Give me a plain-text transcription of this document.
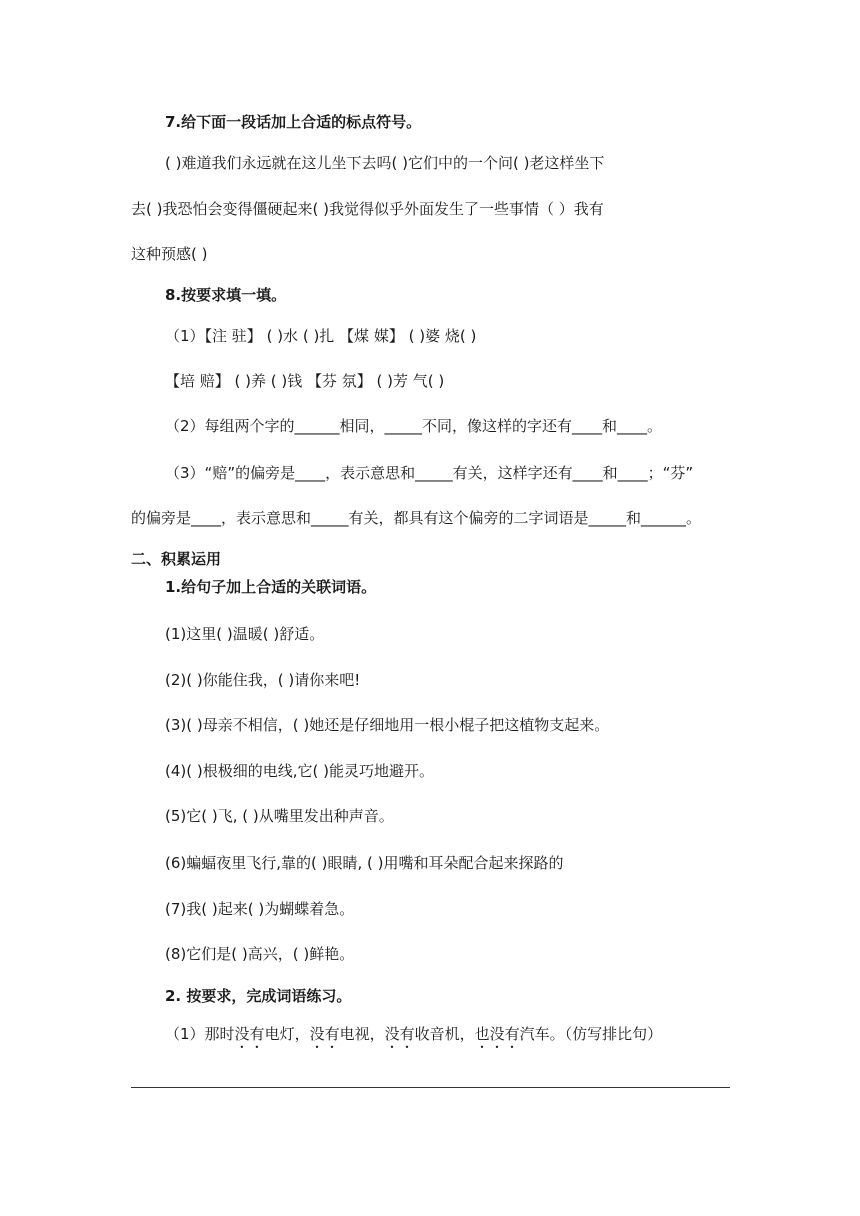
7.给下面一段话加上合适的标点符号。
( )难道我们永远就在这儿坐下去吗( )它们中的一个问( )老这样坐下
去( )我恐怕会变得僵硬起来( )我觉得似乎外面发生了一些事情（ ）我有
这种预感( )
8.按要求填一填。
（1）【注 驻】 ( )水 ( )扎 【煤 媒】 ( )婆 烧( )
【培 赔】 ( )养 ( )钱 【芬 氛】 ( )芳 气( )
（2）每组两个字的______相同，_____不同，像这样的字还有____和____。
（3）“赔”的偏旁是____，表示意思和_____有关，这样字还有____和____；“芬”
的偏旁是____，表示意思和_____有关，都具有这个偏旁的二字词语是_____和______。
二、积累运用
1.给句子加上合适的关联词语。
(1)这里( )温暖( )舒适。
(2)( )你能住我，( )请你来吧!
(3)( )母亲不相信，( )她还是仔细地用一根小棍子把这植物支起来。
(4)( )根极细的电线,它( )能灵巧地避开。
(5)它( )飞, ( )从嘴里发出种声音。
(6)蝙蝠夜里飞行,靠的( )眼睛, ( )用嘴和耳朵配合起来探路的
(7)我( )起来( )为蝴蝶着急。
(8)它们是( )高兴，( )鲜艳。
2. 按要求，完成词语练习。
（1）那时没有电灯，没有电视，没有收音机，也没有汽车。（仿写排比句）
